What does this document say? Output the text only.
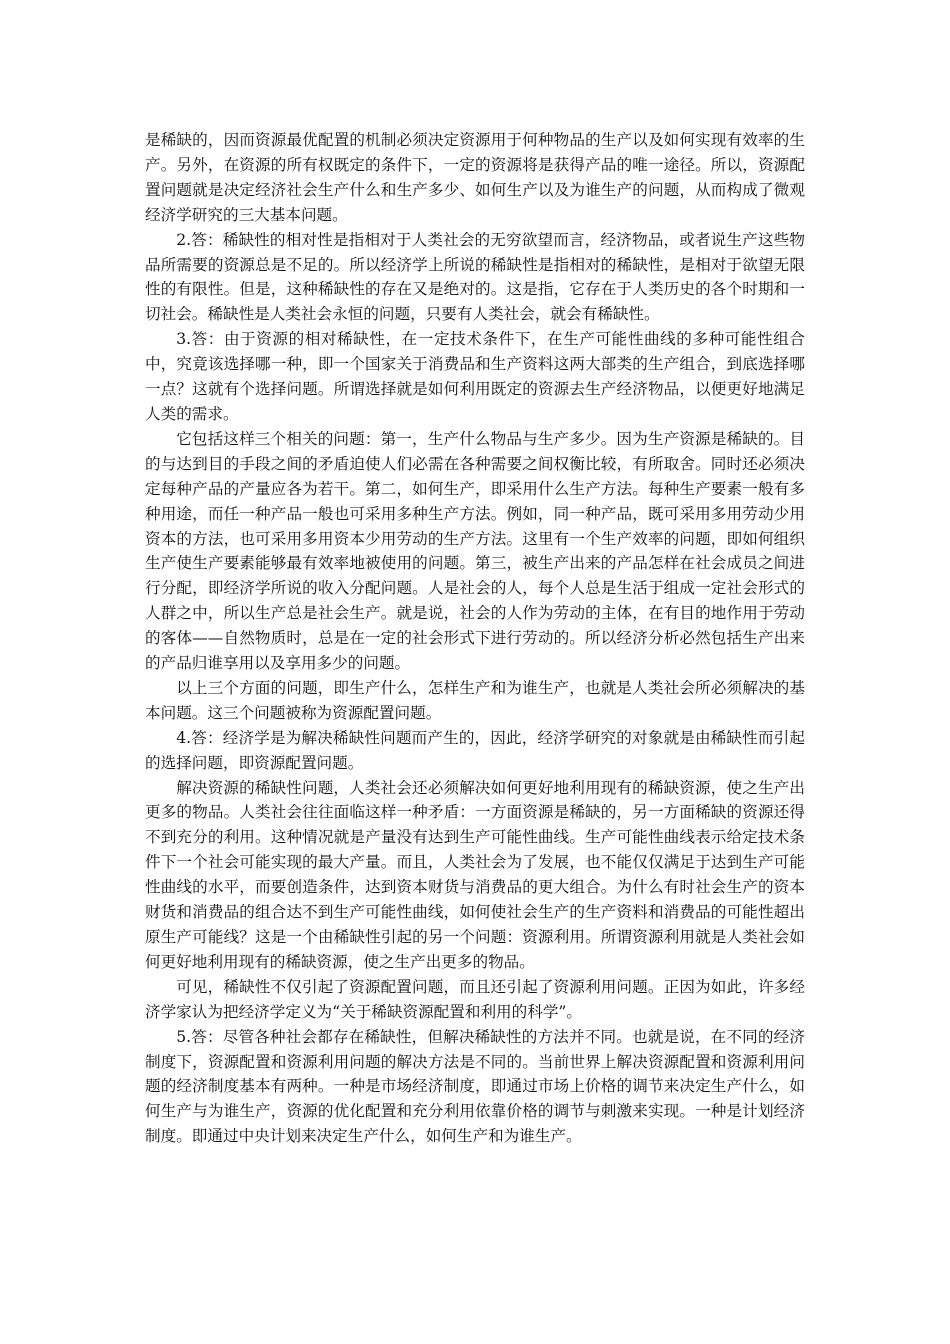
是稀缺的，因而资源最优配置的机制必须决定资源用于何种物品的生产以及如何实现有效率的生产。另外，在资源的所有权既定的条件下，一定的资源将是获得产品的唯一途径。所以，资源配置问题就是决定经济社会生产什么和生产多少、如何生产以及为谁生产的问题，从而构成了微观经济学研究的三大基本问题。

2.答：稀缺性的相对性是指相对于人类社会的无穷欲望而言，经济物品，或者说生产这些物品所需要的资源总是不足的。所以经济学上所说的稀缺性是指相对的稀缺性，是相对于欲望无限性的有限性。但是，这种稀缺性的存在又是绝对的。这是指，它存在于人类历史的各个时期和一切社会。稀缺性是人类社会永恒的问题，只要有人类社会，就会有稀缺性。

3.答：由于资源的相对稀缺性，在一定技术条件下，在生产可能性曲线的多种可能性组合中，究竟该选择哪一种，即一个国家关于消费品和生产资料这两大部类的生产组合，到底选择哪一点？这就有个选择问题。所谓选择就是如何利用既定的资源去生产经济物品，以便更好地满足人类的需求。

它包括这样三个相关的问题：第一，生产什么物品与生产多少。因为生产资源是稀缺的。目的与达到目的手段之间的矛盾迫使人们必需在各种需要之间权衡比较，有所取舍。同时还必须决定每种产品的产量应各为若干。第二，如何生产，即采用什么生产方法。每种生产要素一般有多种用途，而任一种产品一般也可采用多种生产方法。例如，同一种产品，既可采用多用劳动少用资本的方法，也可采用多用资本少用劳动的生产方法。这里有一个生产效率的问题，即如何组织生产使生产要素能够最有效率地被使用的问题。第三，被生产出来的产品怎样在社会成员之间进行分配，即经济学所说的收入分配问题。人是社会的人，每个人总是生活于组成一定社会形式的人群之中，所以生产总是社会生产。就是说，社会的人作为劳动的主体，在有目的地作用于劳动的客体——自然物质时，总是在一定的社会形式下进行劳动的。所以经济分析必然包括生产出来的产品归谁享用以及享用多少的问题。

以上三个方面的问题，即生产什么，怎样生产和为谁生产，也就是人类社会所必须解决的基本问题。这三个问题被称为资源配置问题。

4.答：经济学是为解决稀缺性问题而产生的，因此，经济学研究的对象就是由稀缺性而引起的选择问题，即资源配置问题。

解决资源的稀缺性问题，人类社会还必须解决如何更好地利用现有的稀缺资源，使之生产出更多的物品。人类社会往往面临这样一种矛盾：一方面资源是稀缺的，另一方面稀缺的资源还得不到充分的利用。这种情况就是产量没有达到生产可能性曲线。生产可能性曲线表示给定技术条件下一个社会可能实现的最大产量。而且，人类社会为了发展，也不能仅仅满足于达到生产可能性曲线的水平，而要创造条件，达到资本财货与消费品的更大组合。为什么有时社会生产的资本财货和消费品的组合达不到生产可能性曲线，如何使社会生产的生产资料和消费品的可能性超出原生产可能线？这是一个由稀缺性引起的另一个问题：资源利用。所谓资源利用就是人类社会如何更好地利用现有的稀缺资源，使之生产出更多的物品。

可见，稀缺性不仅引起了资源配置问题，而且还引起了资源利用问题。正因为如此，许多经济学家认为把经济学定义为“关于稀缺资源配置和利用的科学”。

5.答：尽管各种社会都存在稀缺性，但解决稀缺性的方法并不同。也就是说，在不同的经济制度下，资源配置和资源利用问题的解决方法是不同的。当前世界上解决资源配置和资源利用问题的经济制度基本有两种。一种是市场经济制度，即通过市场上价格的调节来决定生产什么，如何生产与为谁生产，资源的优化配置和充分利用依靠价格的调节与刺激来实现。一种是计划经济制度。即通过中央计划来决定生产什么，如何生产和为谁生产。
